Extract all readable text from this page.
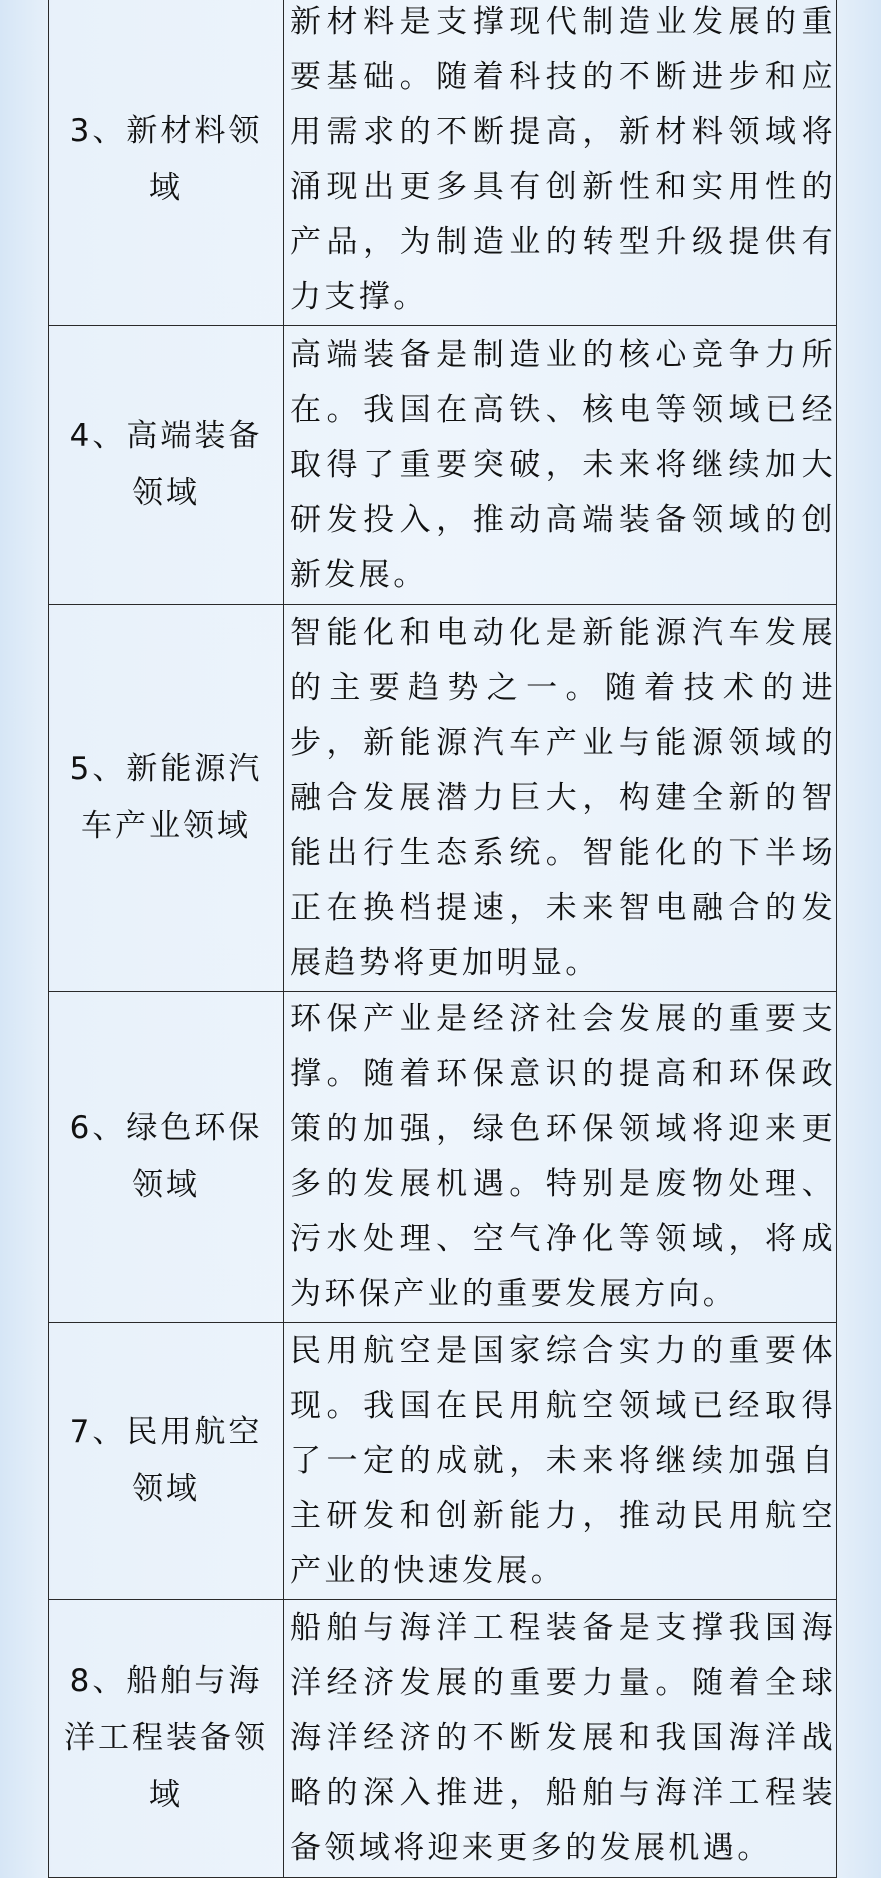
3、新材料领域	新材料是支撑现代制造业发展的重要基础。随着科技的不断进步和应用需求的不断提高，新材料领域将涌现出更多具有创新性和实用性的产品，为制造业的转型升级提供有力支撑。

4、高端装备领域	高端装备是制造业的核心竞争力所在。我国在高铁、核电等领域已经取得了重要突破，未来将继续加大研发投入，推动高端装备领域的创新发展。

5、新能源汽车产业领域	智能化和电动化是新能源汽车发展的主要趋势之一。随着技术的进步，新能源汽车产业与能源领域的融合发展潜力巨大，构建全新的智能出行生态系统。智能化的下半场正在换档提速，未来智电融合的发展趋势将更加明显。

6、绿色环保领域	环保产业是经济社会发展的重要支撑。随着环保意识的提高和环保政策的加强，绿色环保领域将迎来更多的发展机遇。特别是废物处理、污水处理、空气净化等领域，将成为环保产业的重要发展方向。

7、民用航空领域	民用航空是国家综合实力的重要体现。我国在民用航空领域已经取得了一定的成就，未来将继续加强自主研发和创新能力，推动民用航空产业的快速发展。

8、船舶与海洋工程装备领域	船舶与海洋工程装备是支撑我国海洋经济发展的重要力量。随着全球海洋经济的不断发展和我国海洋战略的深入推进，船舶与海洋工程装备领域将迎来更多的发展机遇。
